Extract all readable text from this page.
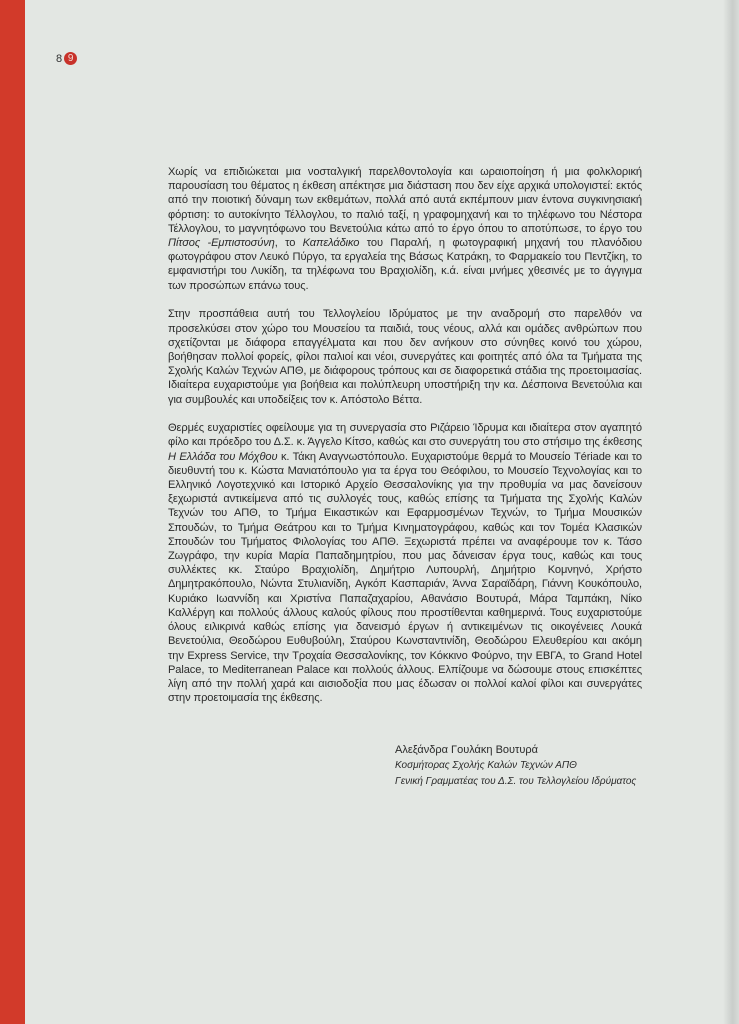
8 9

Χωρίς να επιδιώκεται μια νοσταλγική παρελθοντολογία και ωραιοποίηση ή μια φολκλορική παρουσίαση του θέματος η έκθεση απέκτησε μια διάσταση που δεν είχε αρχικά υπολογιστεί: εκτός από την ποιοτική δύναμη των εκθεμάτων, πολλά από αυτά εκπέμπουν μιαν έντονα συγκινησιακή φόρτιση: το αυτοκίνητο Τέλλογλου, το παλιό ταξί, η γραφομηχανή και το τηλέφωνο του Νέστορα Τέλλογλου, το μαγνητόφωνο του Βενετούλια κάτω από το έργο όπου το αποτύπωσε, το έργο του Πίτσος -Εμπιστοσύνη, το Καπελάδικο του Παραλή, η φωτογραφική μηχανή του πλανόδιου φωτογράφου στον Λευκό Πύργο, τα εργαλεία της Βάσως Κατράκη, το Φαρμακείο του Πεντζίκη, το εμφανιστήρι του Λυκίδη, τα τηλέφωνα του Βραχιολίδη, κ.ά. είναι μνήμες χθεσινές με το άγγιγμα των προσώπων επάνω τους.

Στην προσπάθεια αυτή του Τελλογλείου Ιδρύματος με την αναδρομή στο παρελθόν να προσελκύσει στον χώρο του Μουσείου τα παιδιά, τους νέους, αλλά και ομάδες ανθρώπων που σχετίζονται με διάφορα επαγγέλματα και που δεν ανήκουν στο σύνηθες κοινό του χώρου, βοήθησαν πολλοί φορείς, φίλοι παλιοί και νέοι, συνεργάτες και φοιτητές από όλα τα Τμήματα της Σχολής Καλών Τεχνών ΑΠΘ, με διάφορους τρόπους και σε διαφορετικά στάδια της προετοιμασίας. Ιδιαίτερα ευχαριστούμε για βοήθεια και πολύπλευρη υποστήριξη την κα. Δέσποινα Βενετούλια και για συμβουλές και υποδείξεις τον κ. Απόστολο Βέττα.

Θερμές ευχαριστίες οφείλουμε για τη συνεργασία στο Ριζάρειο Ίδρυμα και ιδιαίτερα στον αγαπητό φίλο και πρόεδρο του Δ.Σ. κ. Άγγελο Κίτσο, καθώς και στο συνεργάτη του στο στήσιμο της έκθεσης Η Ελλάδα του Μόχθου κ. Τάκη Αναγνωστόπουλο. Ευχαριστούμε θερμά το Μουσείο Tériade και το διευθυντή του κ. Κώστα Μανιατόπουλο για τα έργα του Θεόφιλου, το Μουσείο Τεχνολογίας και το Ελληνικό Λογοτεχνικό και Ιστορικό Αρχείο Θεσσαλονίκης για την προθυμία να μας δανείσουν ξεχωριστά αντικείμενα από τις συλλογές τους, καθώς επίσης τα Τμήματα της Σχολής Καλών Τεχνών του ΑΠΘ, το Τμήμα Εικαστικών και Εφαρμοσμένων Τεχνών, το Τμήμα Μουσικών Σπουδών, το Τμήμα Θεάτρου και το Τμήμα Κινηματογράφου, καθώς και τον Τομέα Κλασικών Σπουδών του Τμήματος Φιλολογίας του ΑΠΘ. Ξεχωριστά πρέπει να αναφέρουμε τον κ. Τάσο Ζωγράφο, την κυρία Μαρία Παπαδημητρίου, που μας δάνεισαν έργα τους, καθώς και τους συλλέκτες κκ. Σταύρο Βραχιολίδη, Δημήτριο Λυπουρλή, Δημήτριο Κομνηνό, Χρήστο Δημητρακόπουλο, Νώντα Στυλιανίδη, Αγκόπ Κασπαριάν, Άννα Σαραϊδάρη, Γιάννη Κουκόπουλο, Κυριάκο Ιωαννίδη και Χριστίνα Παπαζαχαρίου, Αθανάσιο Βουτυρά, Μάρα Ταμπάκη, Νίκο Καλλέργη και πολλούς άλλους καλούς φίλους που προστίθενται καθημερινά. Τους ευχαριστούμε όλους ειλικρινά καθώς επίσης για δανεισμό έργων ή αντικειμένων τις οικογένειες Λουκά Βενετούλια, Θεοδώρου Ευθυβούλη, Σταύρου Κωνσταντινίδη, Θεοδώρου Ελευθερίου και ακόμη την Express Service, την Τροχαία Θεσσαλονίκης, τον Κόκκινο Φούρνο, την ΕΒΓΑ, το Grand Hotel Palace, το Mediterranean Palace και πολλούς άλλους. Ελπίζουμε να δώσουμε στους επισκέπτες λίγη από την πολλή χαρά και αισιοδοξία που μας έδωσαν οι πολλοί καλοί φίλοι και συνεργάτες στην προετοιμασία της έκθεσης.

Αλεξάνδρα Γουλάκη Βουτυρά
Κοσμήτορας Σχολής Καλών Τεχνών ΑΠΘ
Γενική Γραμματέας του Δ.Σ. του Τελλογλείου Ιδρύματος
